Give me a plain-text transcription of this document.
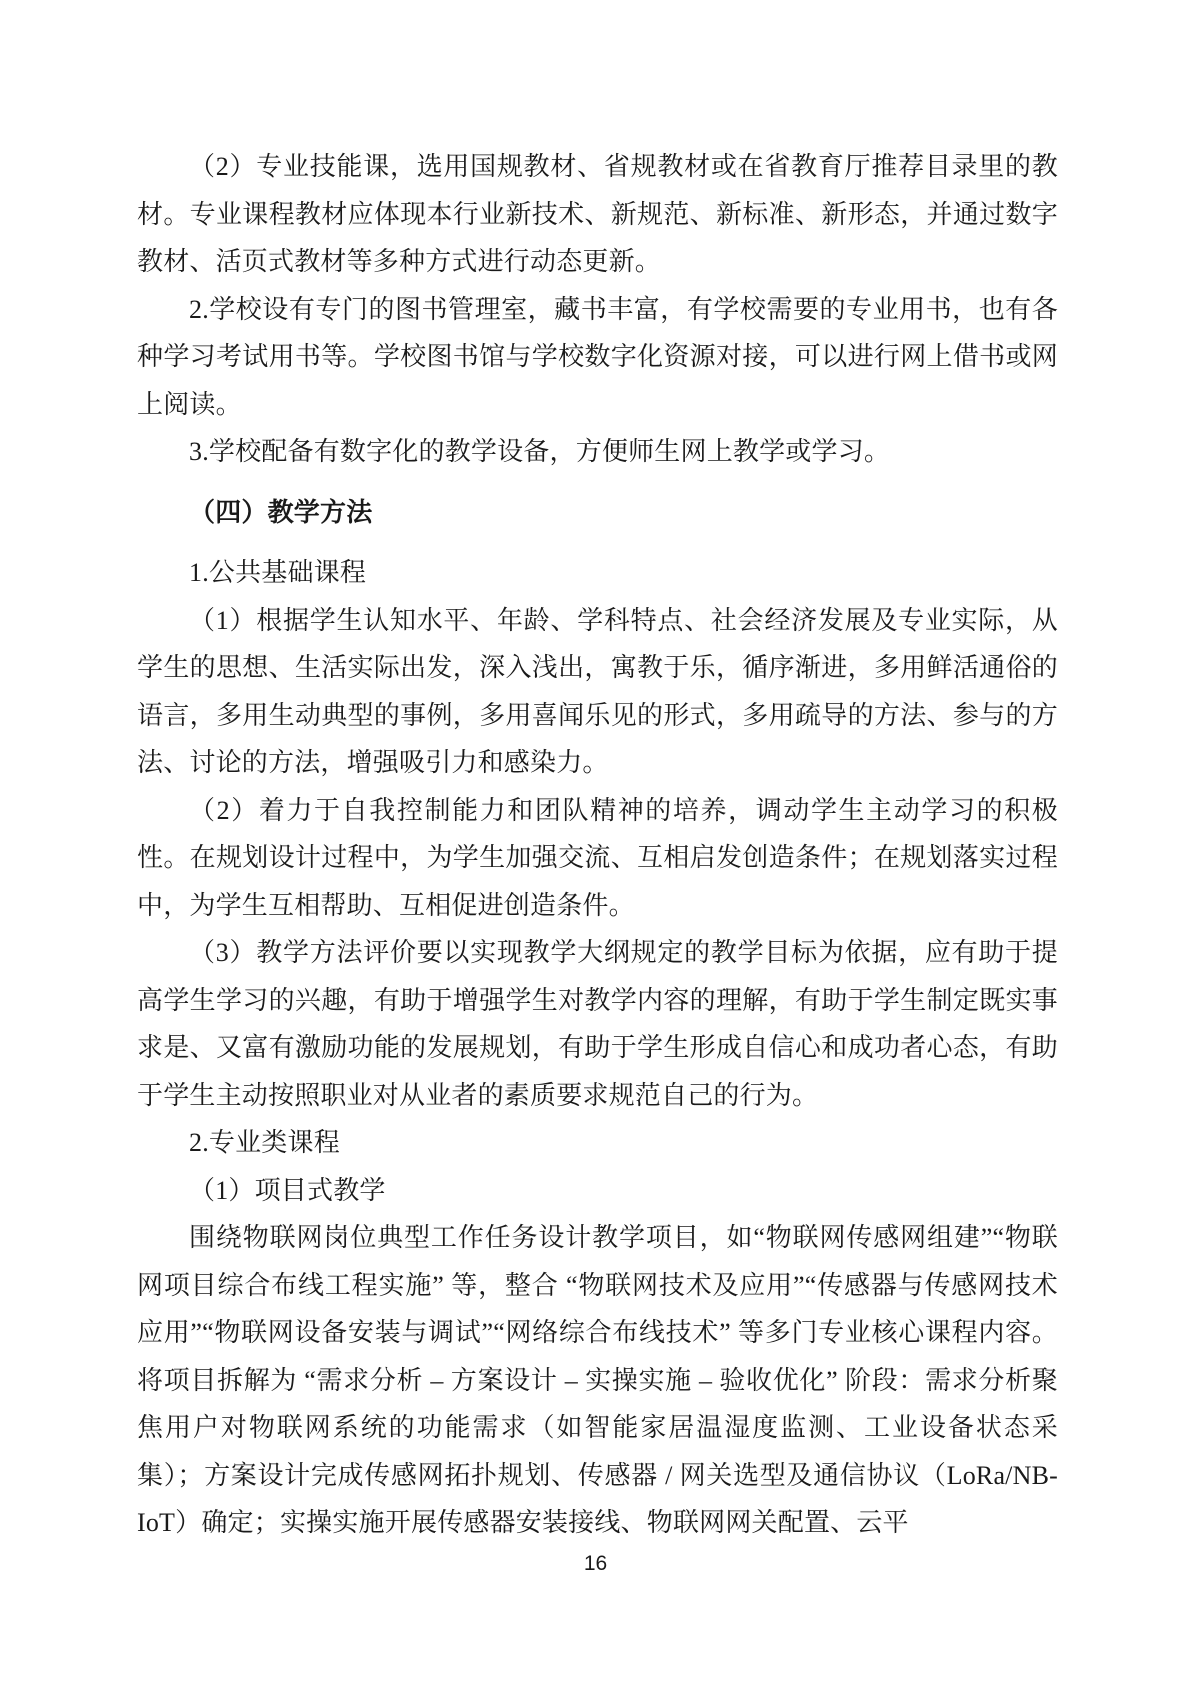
（2）专业技能课，选用国规教材、省规教材或在省教育厅推荐目录里的教材。专业课程教材应体现本行业新技术、新规范、新标准、新形态，并通过数字教材、活页式教材等多种方式进行动态更新。

2.学校设有专门的图书管理室，藏书丰富，有学校需要的专业用书，也有各种学习考试用书等。学校图书馆与学校数字化资源对接，可以进行网上借书或网上阅读。

3.学校配备有数字化的教学设备，方便师生网上教学或学习。

（四）教学方法

1.公共基础课程

（1）根据学生认知水平、年龄、学科特点、社会经济发展及专业实际，从学生的思想、生活实际出发，深入浅出，寓教于乐，循序渐进，多用鲜活通俗的语言，多用生动典型的事例，多用喜闻乐见的形式，多用疏导的方法、参与的方法、讨论的方法，增强吸引力和感染力。

（2）着力于自我控制能力和团队精神的培养，调动学生主动学习的积极性。在规划设计过程中，为学生加强交流、互相启发创造条件；在规划落实过程中，为学生互相帮助、互相促进创造条件。

（3）教学方法评价要以实现教学大纲规定的教学目标为依据，应有助于提高学生学习的兴趣，有助于增强学生对教学内容的理解，有助于学生制定既实事求是、又富有激励功能的发展规划，有助于学生形成自信心和成功者心态，有助于学生主动按照职业对从业者的素质要求规范自己的行为。

2.专业类课程

（1）项目式教学

围绕物联网岗位典型工作任务设计教学项目，如“物联网传感网组建”“物联网项目综合布线工程实施” 等，整合 “物联网技术及应用”“传感器与传感网技术应用”“物联网设备安装与调试”“网络综合布线技术” 等多门专业核心课程内容。将项目拆解为 “需求分析 – 方案设计 – 实操实施 – 验收优化” 阶段：需求分析聚焦用户对物联网系统的功能需求（如智能家居温湿度监测、工业设备状态采集）；方案设计完成传感网拓扑规划、传感器 / 网关选型及通信协议（LoRa/NB-IoT）确定；实操实施开展传感器安装接线、物联网网关配置、云平

16
